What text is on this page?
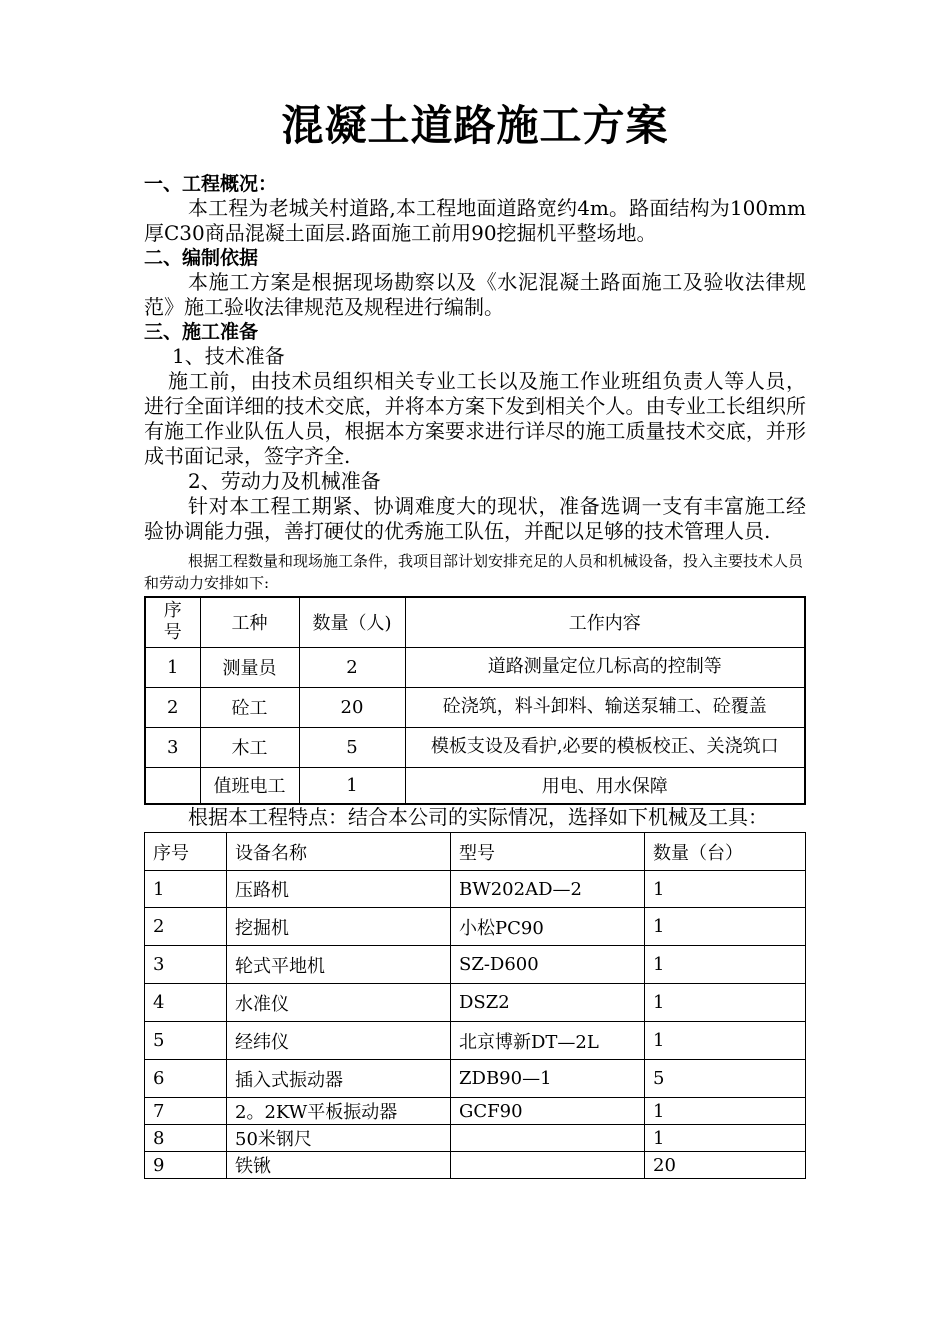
混凝土道路施工方案

一、工程概况：

本工程为老城关村道路,本工程地面道路宽约4m。路面结构为100mm厚C30商品混凝土面层.路面施工前用90挖掘机平整场地。

二、编制依据

本施工方案是根据现场勘察以及《水泥混凝土路面施工及验收法律规范》施工验收法律规范及规程进行编制。

三、施工准备

1、技术准备

施工前，由技术员组织相关专业工长以及施工作业班组负责人等人员，进行全面详细的技术交底，并将本方案下发到相关个人。由专业工长组织所有施工作业队伍人员，根据本方案要求进行详尽的施工质量技术交底，并形成书面记录，签字齐全.

2、劳动力及机械准备

针对本工程工期紧、协调难度大的现状，准备选调一支有丰富施工经验协调能力强，善打硬仗的优秀施工队伍，并配以足够的技术管理人员.

根据工程数量和现场施工条件，我项目部计划安排充足的人员和机械设备，投入主要技术人员和劳动力安排如下:

序号	工种	数量（人)	工作内容
1	测量员	2	道路测量定位几标高的控制等
2	砼工	20	砼浇筑，料斗卸料、输送泵辅工、砼覆盖
3	木工	5	模板支设及看护,必要的模板校正、关浇筑口
	值班电工	1	用电、用水保障

根据本工程特点：结合本公司的实际情况，选择如下机械及工具：

序号	设备名称	型号	数量（台）
1	压路机	BW202AD—2	1
2	挖掘机	小松PC90	1
3	轮式平地机	SZ-D600	1
4	水准仪	DSZ2	1
5	经纬仪	北京博新DT—2L	1
6	插入式振动器	ZDB90—1	5
7	2。2KW平板振动器	GCF90	1
8	50米钢尺		1
9	铁锹		20
